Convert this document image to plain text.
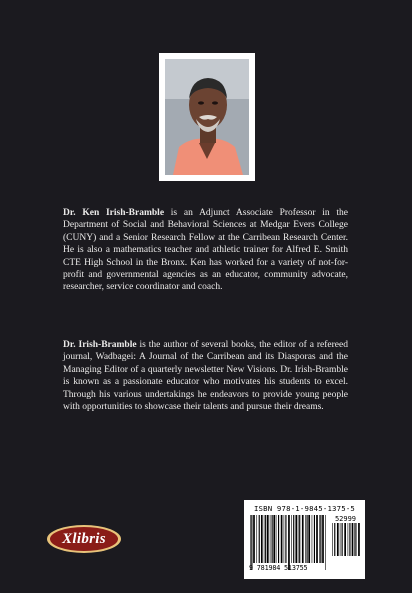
Dr. Ken Irish-Bramble is an Adjunct Associate Professor in the Department of Social and Behavioral Sciences at Medgar Evers College (CUNY) and a Senior Research Fellow at the Carribean Research Center. He is also a mathematics teacher and athletic trainer for Alfred E. Smith CTE High School in the Bronx. Ken has worked for a variety of not-for-profit and governmental agencies as an educator, community advocate, researcher, service coordinator and coach.

Dr. Irish-Bramble is the author of several books, the editor of a refereed journal, Wadbagei: A Journal of the Carribean and its Diasporas and the Managing Editor of a quarterly newsletter New Visions. Dr. Irish-Bramble is known as a passionate educator who motivates his students to excel. Through his various undertakings he endeavors to provide young people with opportunities to showcase their talents and pursue their dreams.

Xlibris
ISBN 978-1-9845-1375-5
52999
9 781984 513755
